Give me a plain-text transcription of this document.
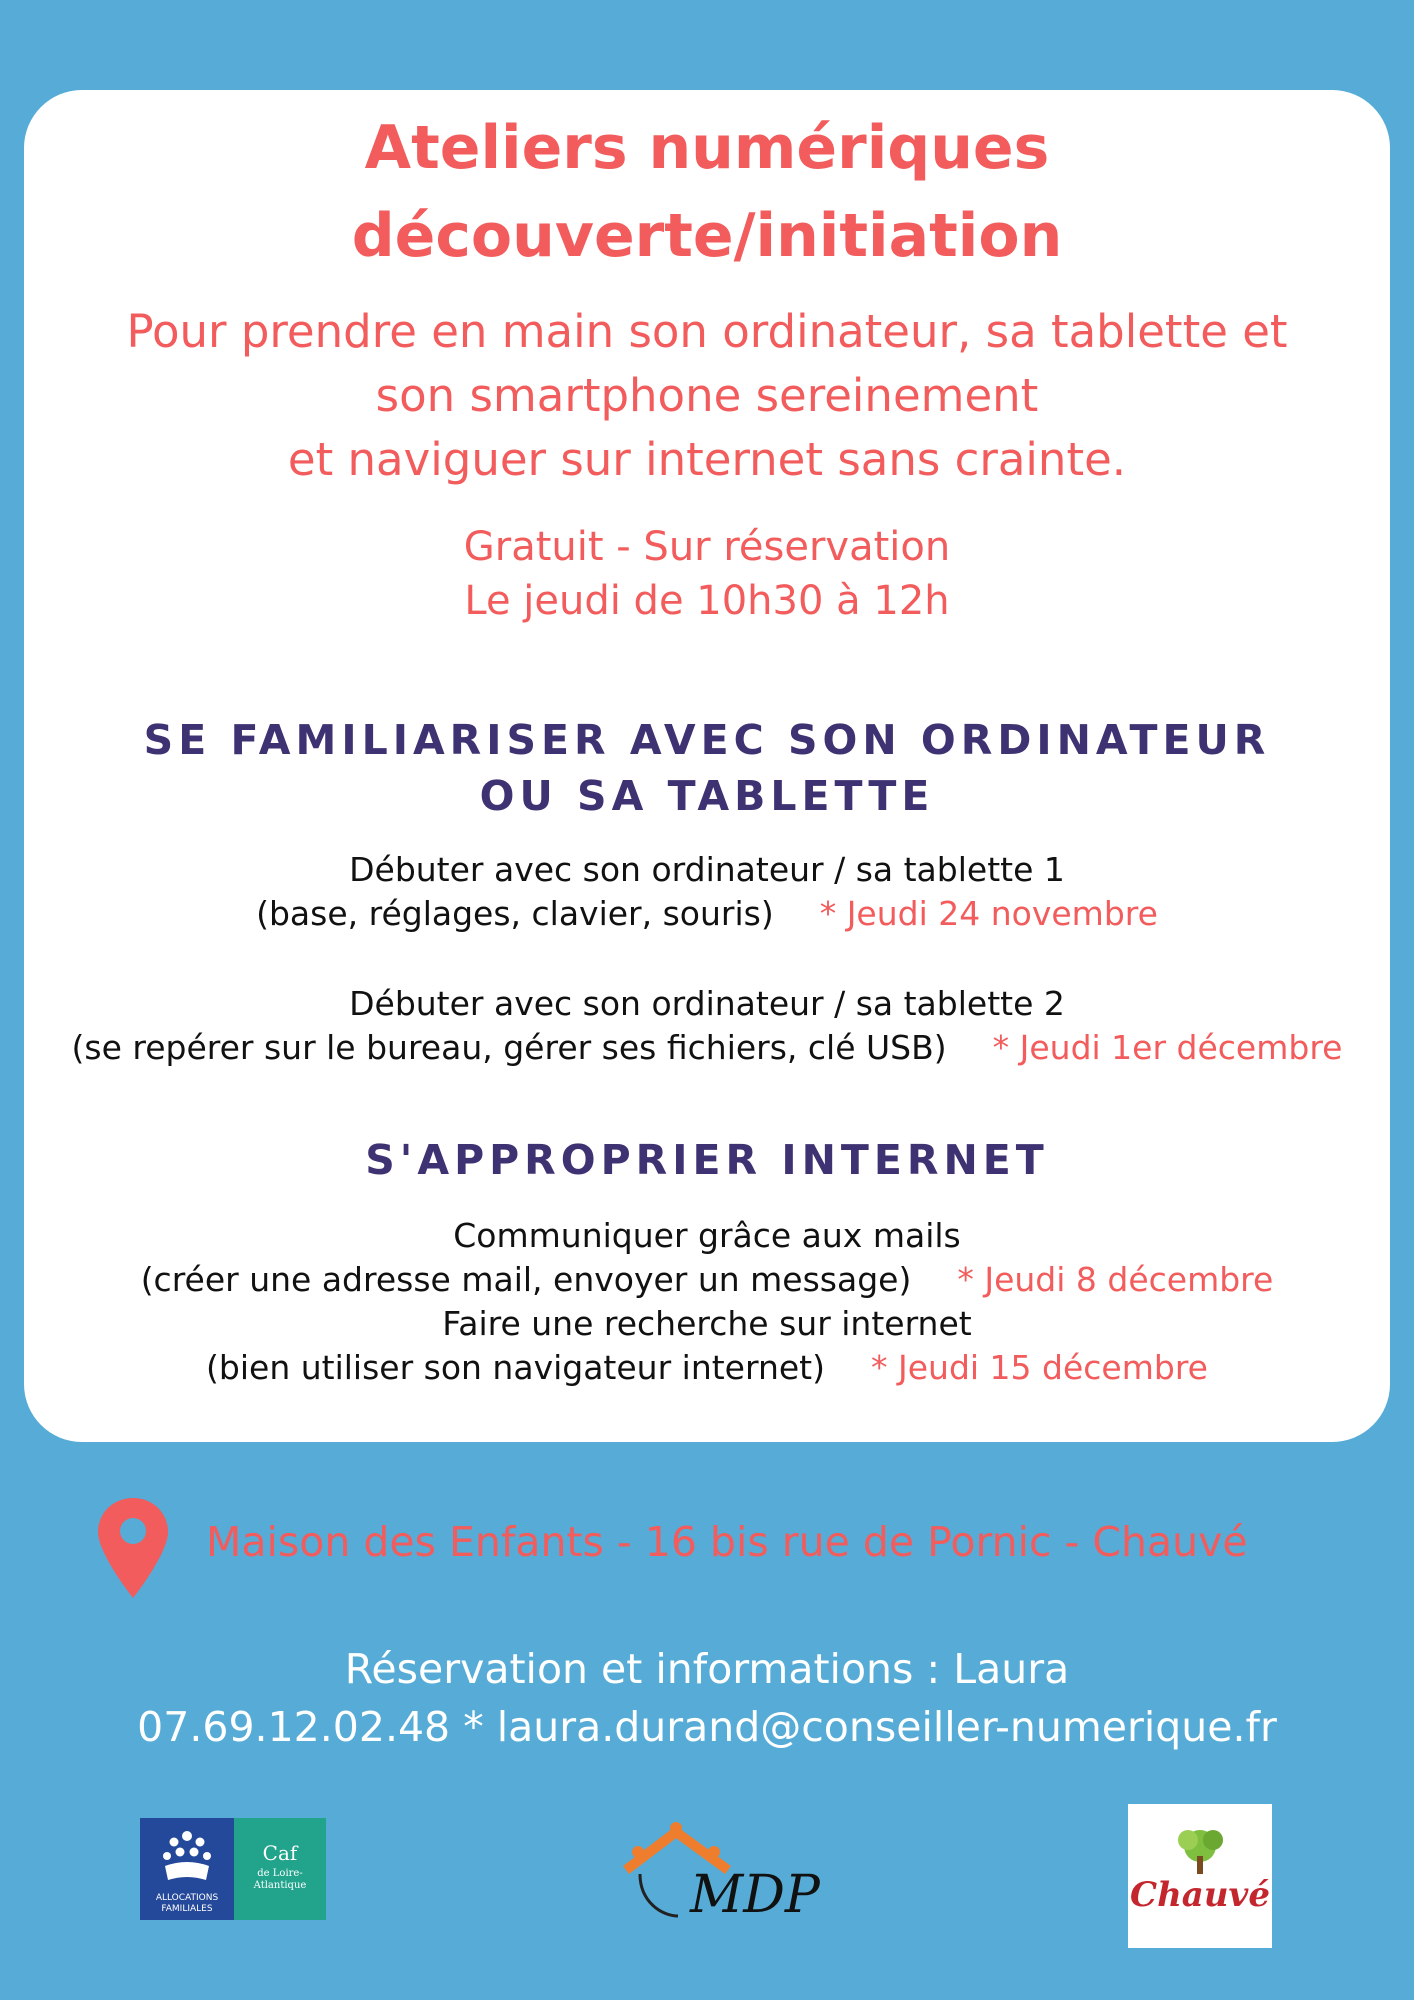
Ateliers numériques
découverte/initiation
Pour prendre en main son ordinateur, sa tablette et
son smartphone sereinement
et naviguer sur internet sans crainte.
Gratuit - Sur réservation
Le jeudi de 10h30 à 12h
SE FAMILIARISER AVEC SON ORDINATEUR
OU SA TABLETTE
Débuter avec son ordinateur / sa tablette 1
(base, réglages, clavier, souris) * Jeudi 24 novembre
Débuter avec son ordinateur / sa tablette 2
(se repérer sur le bureau, gérer ses fichiers, clé USB) * Jeudi 1er décembre
S'APPROPRIER INTERNET
Communiquer grâce aux mails
(créer une adresse mail, envoyer un message) * Jeudi 8 décembre
Faire une recherche sur internet
(bien utiliser son navigateur internet) * Jeudi 15 décembre
Maison des Enfants - 16 bis rue de Pornic - Chauvé
Réservation et informations : Laura
07.69.12.02.48 * laura.durand@conseiller-numerique.fr
ALLOCATIONS
FAMILIALES
Caf
de Loire-
Atlantique	MDP	Chauvé
